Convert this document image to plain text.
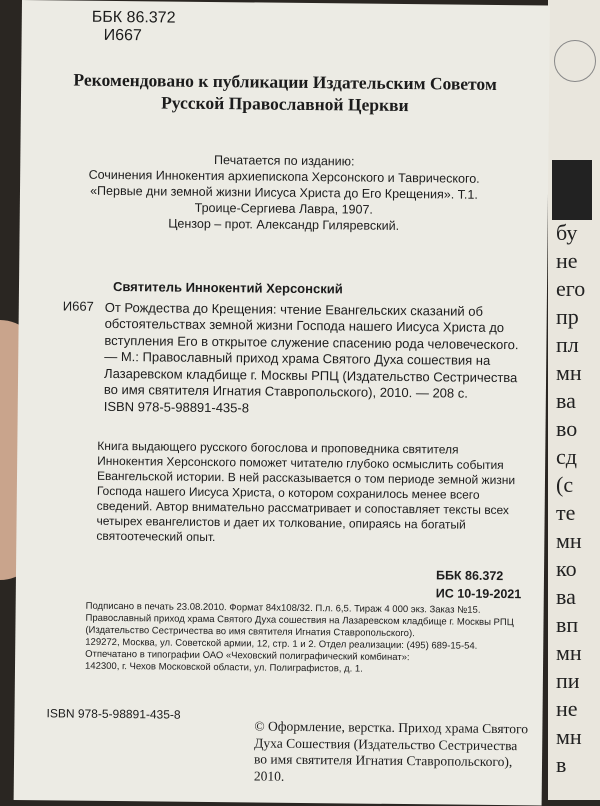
бу
не
его
пр
пл
мн
ва
во
сд
(с
те
мн
ко
ва
вп
мн
пи
не
мн
в
ББК 86.372
И667
Рекомендовано к публикации Издательским Советом
Русской Православной Церкви
Печатается по изданию:
Сочинения Иннокентия архиепископа Херсонского и Таврического.
«Первые дни земной жизни Иисуса Христа до Его Крещения». Т.1.
Троице-Сергиева Лавра, 1907.
Цензор – прот. Александр Гиляревский.
Святитель Иннокентий Херсонский
И667 От Рождества до Крещения: чтение Евангельских сказаний об
обстоятельствах земной жизни Господа нашего Иисуса Христа до
вступления Его в открытое служение спасению рода человеческого.
— М.: Православный приход храма Святого Духа сошествия на
Лазаревском кладбище г. Москвы РПЦ (Издательство Сестричества
во имя святителя Игнатия Ставропольского), 2010. — 208 с.
ISBN 978-5-98891-435-8
Книга выдающего русского богослова и проповедника святителя
Иннокентия Херсонского поможет читателю глубоко осмыслить события
Евангельской истории. В ней рассказывается о том периоде земной жизни
Господа нашего Иисуса Христа, о котором сохранилось менее всего
сведений. Автор внимательно рассматривает и сопоставляет тексты всех
четырех евангелистов и дает их толкование, опираясь на богатый
святоотеческий опыт.
ББК 86.372
ИС 10-19-2021
Подписано в печать 23.08.2010. Формат 84х108/32. П.л. 6,5. Тираж 4 000 экз. Заказ №15.
Православный приход храма Святого Духа сошествия на Лазаревском кладбище г. Москвы РПЦ
(Издательство Сестричества во имя святителя Игнатия Ставропольского).
129272, Москва, ул. Советской армии, 12, стр. 1 и 2. Отдел реализации: (495) 689-15-54.
Отпечатано в типографии ОАО «Чеховский полиграфический комбинат»:
142300, г. Чехов Московской области, ул. Полиграфистов, д. 1.
ISBN 978-5-98891-435-8
© Оформление, верстка. Приход храма Святого
Духа Сошествия (Издательство Сестричества
во имя святителя Игнатия Ставропольского),
2010.
